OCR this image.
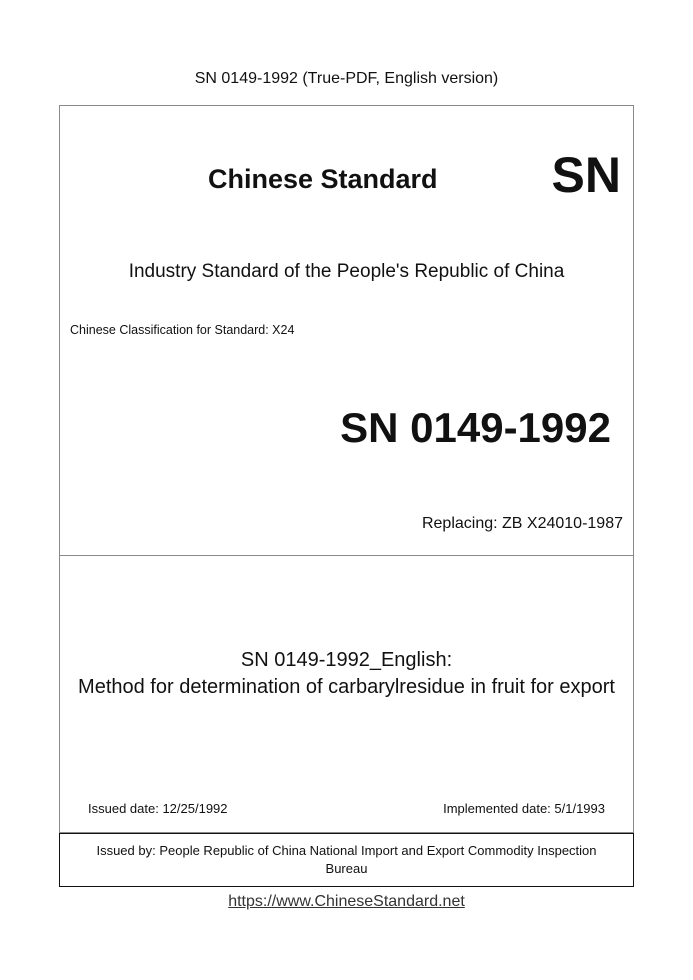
SN 0149-1992 (True-PDF, English version)
Chinese Standard SN
Industry Standard of the People's Republic of China
Chinese Classification for Standard: X24
SN 0149-1992
Replacing: ZB X24010-1987
SN 0149-1992_English:
Method for determination of carbarylresidue in fruit for export
Issued date: 12/25/1992	Implemented date: 5/1/1993
Issued by: People Republic of China National Import and Export Commodity Inspection
Bureau
https://www.ChineseStandard.net
